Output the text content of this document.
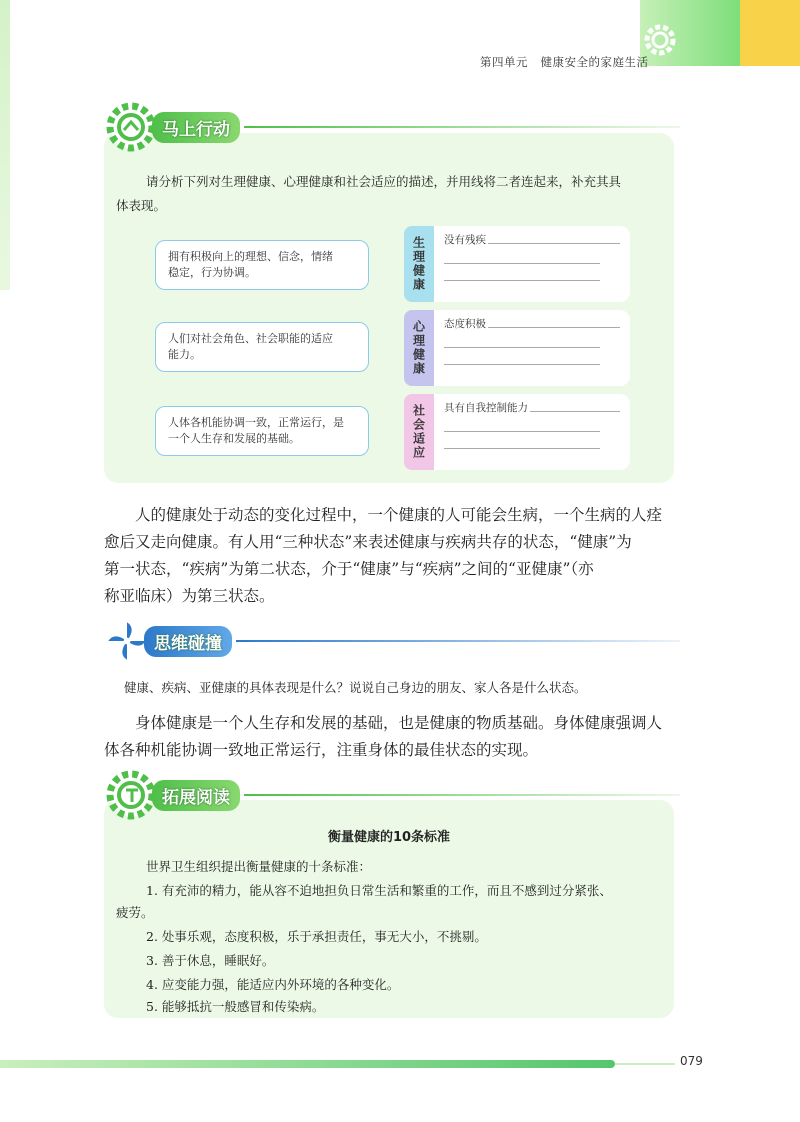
第四单元 健康安全的家庭生活
马上行动
请分析下列对生理健康、心理健康和社会适应的描述，并用线将二者连起来，补充其具
体表现。
拥有积极向上的理想、信念，情绪
稳定，行为协调。
人们对社会角色、社会职能的适应
能力。
人体各机能协调一致，正常运行，是
一个人生存和发展的基础。
生理健康	没有残疾
心理健康	态度积极
社会适应	具有自我控制能力
人的健康处于动态的变化过程中，一个健康的人可能会生病，一个生病的人痊
愈后又走向健康。有人用“三种状态”来表述健康与疾病共存的状态，“健康”为
第一状态，“疾病”为第二状态，介于“健康”与“疾病”之间的“亚健康”（亦
称亚临床）为第三状态。
思维碰撞
健康、疾病、亚健康的具体表现是什么？说说自己身边的朋友、家人各是什么状态。
身体健康是一个人生存和发展的基础，也是健康的物质基础。身体健康强调人
体各种机能协调一致地正常运行，注重身体的最佳状态的实现。
拓展阅读
衡量健康的10条标准
世界卫生组织提出衡量健康的十条标准：
1. 有充沛的精力，能从容不迫地担负日常生活和繁重的工作，而且不感到过分紧张、
疲劳。
2. 处事乐观，态度积极，乐于承担责任，事无大小，不挑剔。
3. 善于休息，睡眠好。
4. 应变能力强，能适应内外环境的各种变化。
5. 能够抵抗一般感冒和传染病。
079
